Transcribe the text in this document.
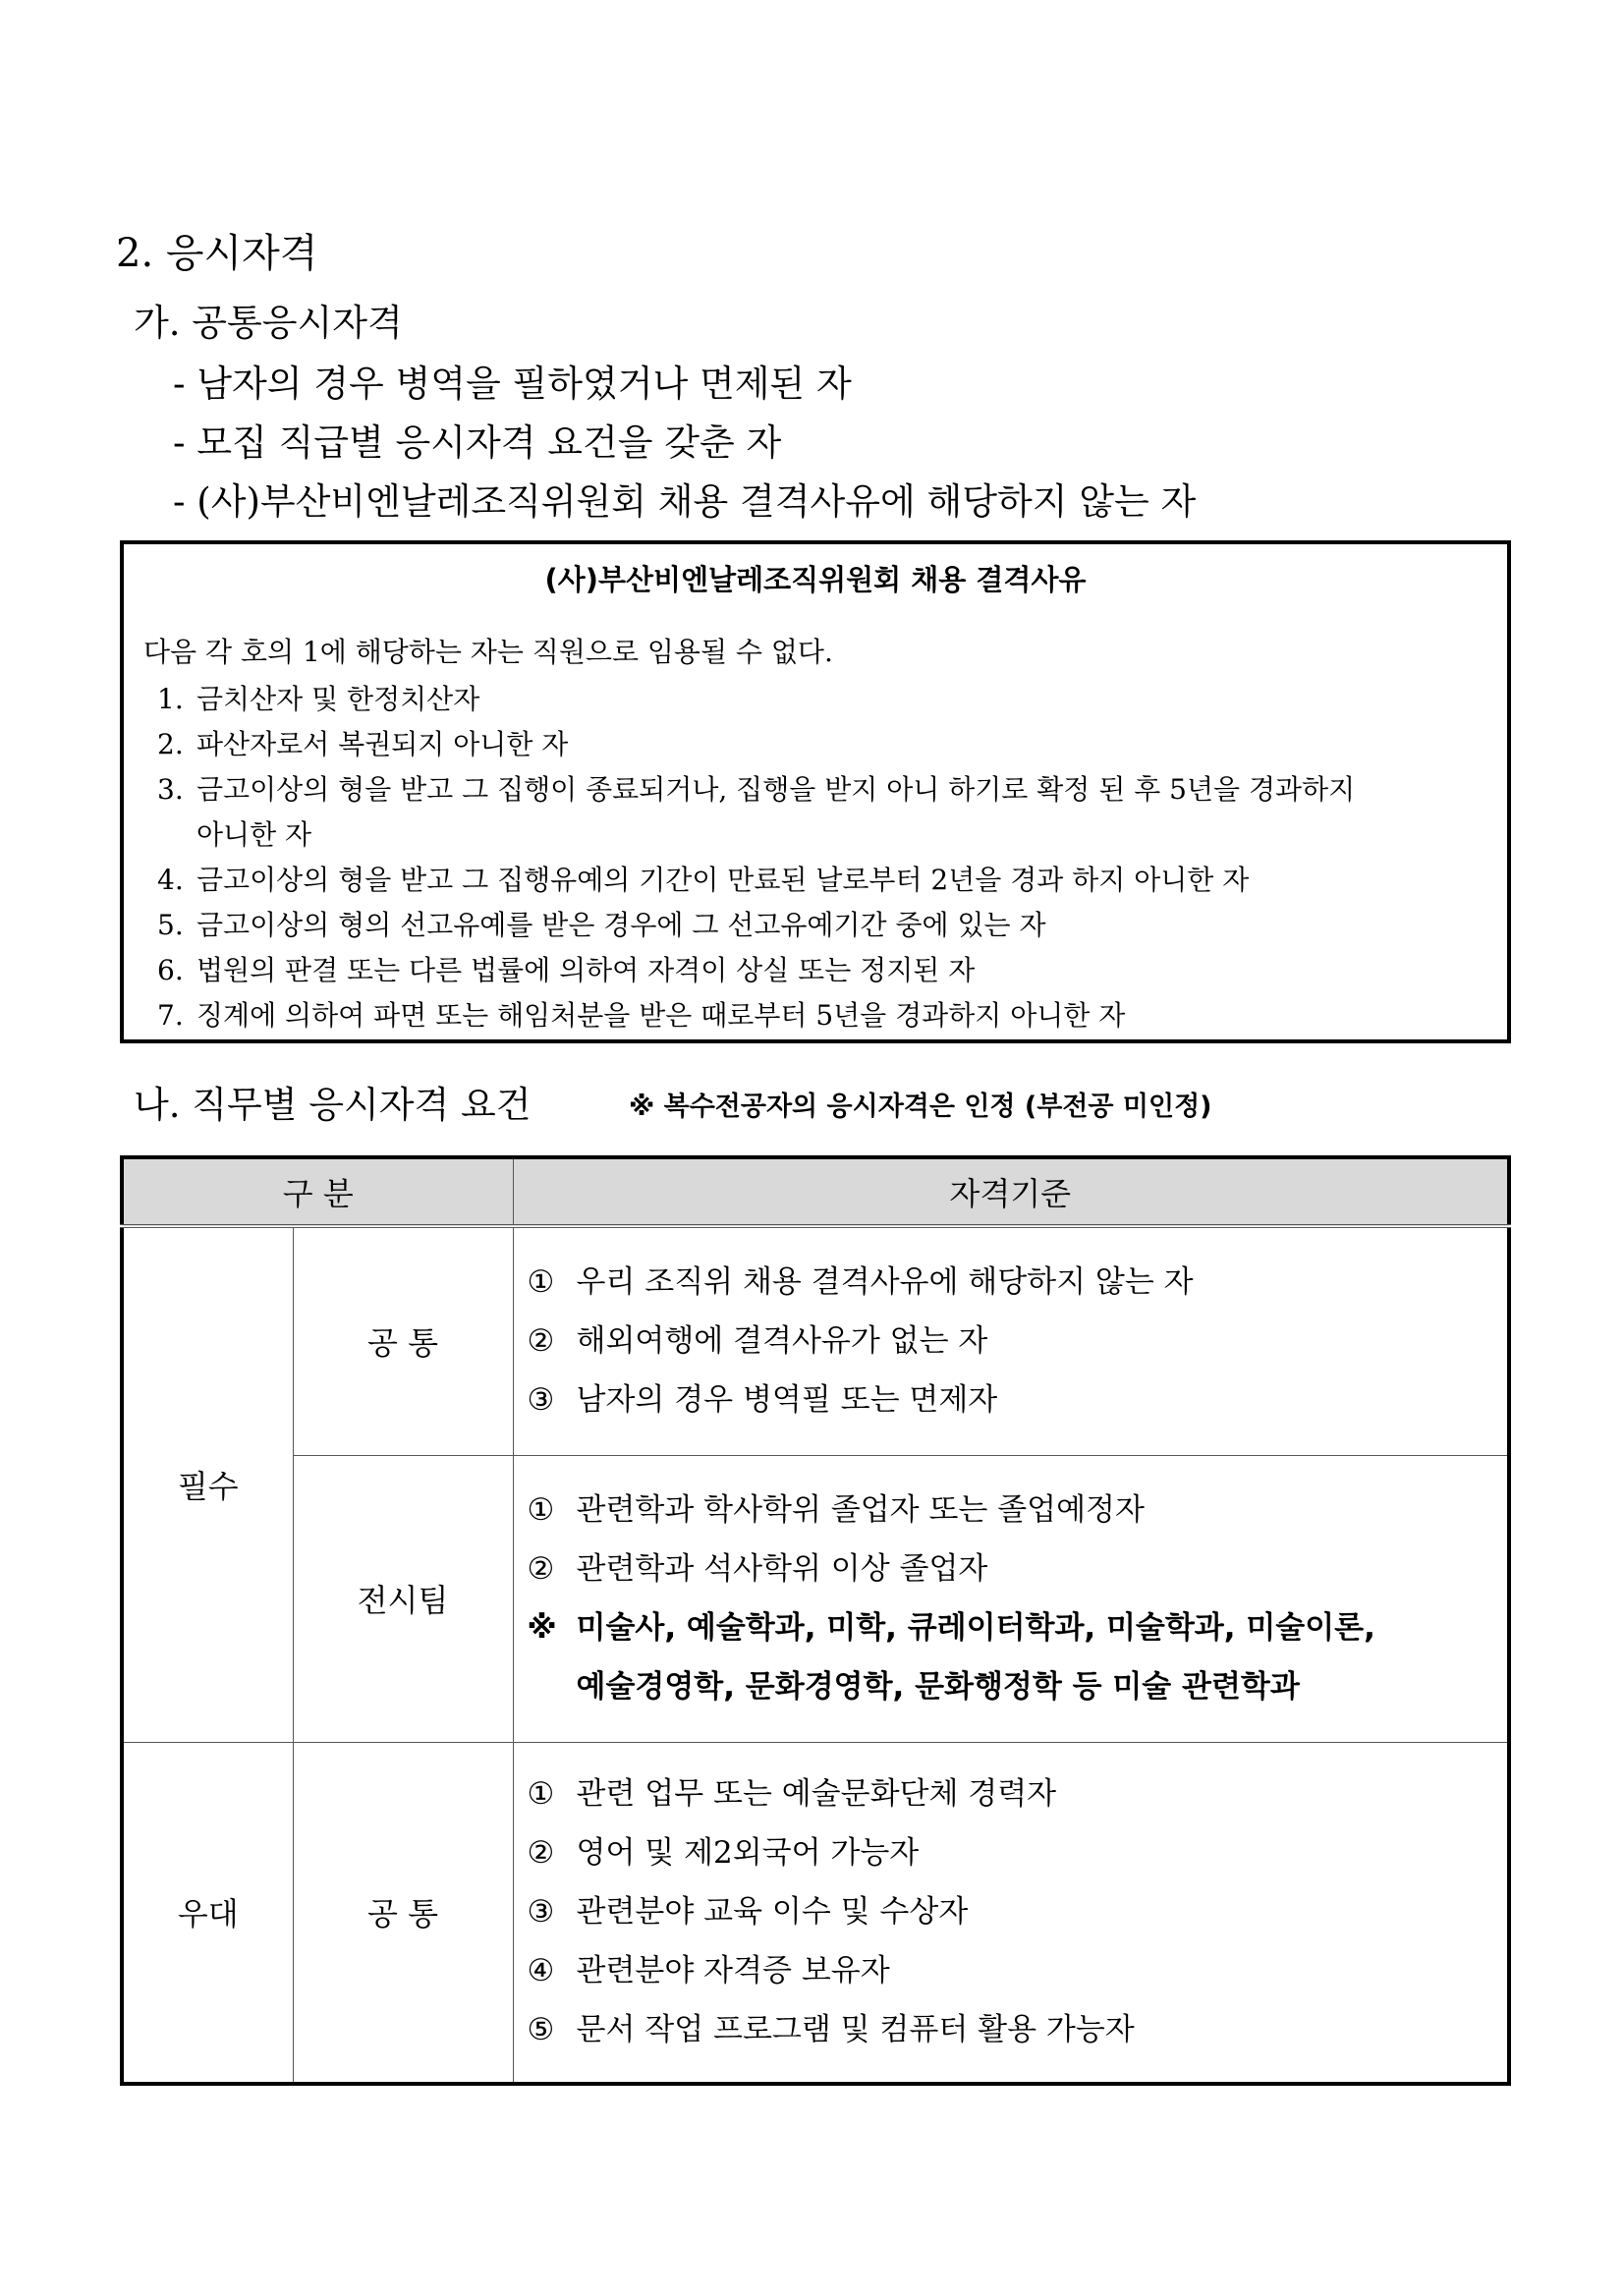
2. 응시자격
가. 공통응시자격
- 남자의 경우 병역을 필하였거나 면제된 자
- 모집 직급별 응시자격 요건을 갖춘 자
- (사)부산비엔날레조직위원회 채용 결격사유에 해당하지 않는 자
(사)부산비엔날레조직위원회 채용 결격사유
다음 각 호의 1에 해당하는 자는 직원으로 임용될 수 없다.
1. 금치산자 및 한정치산자
2. 파산자로서 복권되지 아니한 자
3. 금고이상의 형을 받고 그 집행이 종료되거나, 집행을 받지 아니 하기로 확정 된 후 5년을 경과하지
아니한 자
4. 금고이상의 형을 받고 그 집행유예의 기간이 만료된 날로부터 2년을 경과 하지 아니한 자
5. 금고이상의 형의 선고유예를 받은 경우에 그 선고유예기간 중에 있는 자
6. 법원의 판결 또는 다른 법률에 의하여 자격이 상실 또는 정지된 자
7. 징계에 의하여 파면 또는 해임처분을 받은 때로부터 5년을 경과하지 아니한 자
나. 직무별 응시자격 요건	※ 복수전공자의 응시자격은 인정 (부전공 미인정)
구 분		자격기준
필수	공 통	① 우리 조직위 채용 결격사유에 해당하지 않는 자
② 해외여행에 결격사유가 없는 자
③ 남자의 경우 병역필 또는 면제자

	전시팀	① 관련학과 학사학위 졸업자 또는 졸업예정자
② 관련학과 석사학위 이상 졸업자
※ 미술사, 예술학과, 미학, 큐레이터학과, 미술학과, 미술이론,
예술경영학, 문화경영학, 문화행정학 등 미술 관련학과

우대	공 통	① 관련 업무 또는 예술문화단체 경력자
② 영어 및 제2외국어 가능자
③ 관련분야 교육 이수 및 수상자
④ 관련분야 자격증 보유자
⑤ 문서 작업 프로그램 및 컴퓨터 활용 가능자
